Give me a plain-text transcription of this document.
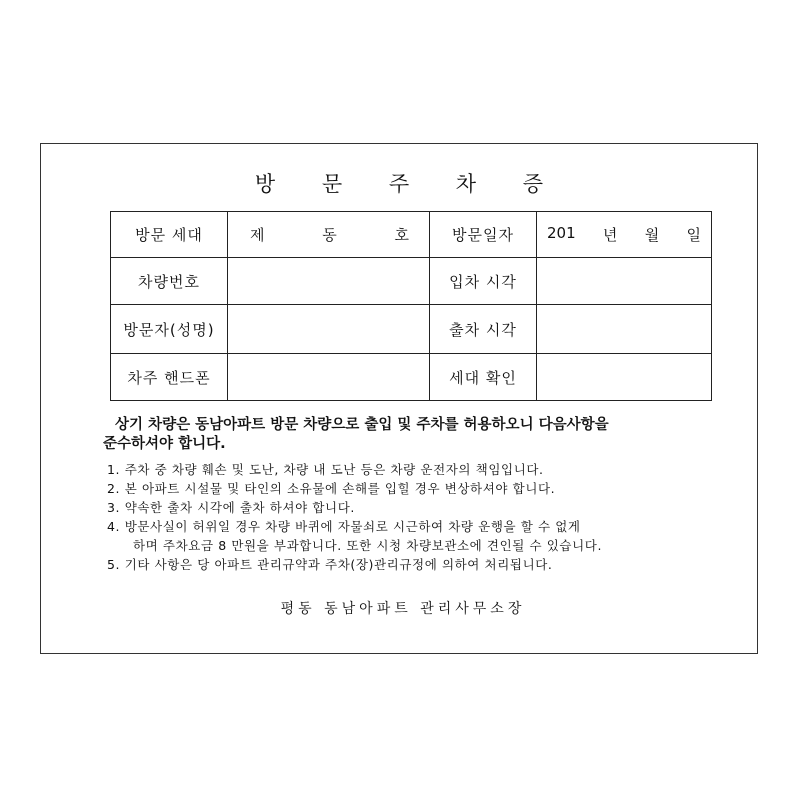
방 문 주 차 증
방문 세대	제 동 호	방문일자	201 년 월 일

차량번호		입차 시각	
방문자(성명)		출차 시각	
차주 핸드폰		세대 확인	
상기 차량은 동남아파트 방문 차량으로 출입 및 주차를 허용하오니 다음사항을
준수하셔야 합니다.
1. 주차 중 차량 훼손 및 도난, 차량 내 도난 등은 차량 운전자의 책임입니다.
2. 본 아파트 시설물 및 타인의 소유물에 손해를 입힐 경우 변상하셔야 합니다.
3. 약속한 출차 시각에 출차 하셔야 합니다.
4. 방문사실이 허위일 경우 차량 바퀴에 자물쇠로 시근하여 차량 운행을 할 수 없게
하며 주차요금 8 만원을 부과합니다. 또한 시청 차량보관소에 견인될 수 있습니다.
5. 기타 사항은 당 아파트 관리규약과 주차(장)관리규정에 의하여 처리됩니다.
평동 동남아파트 관리사무소장
